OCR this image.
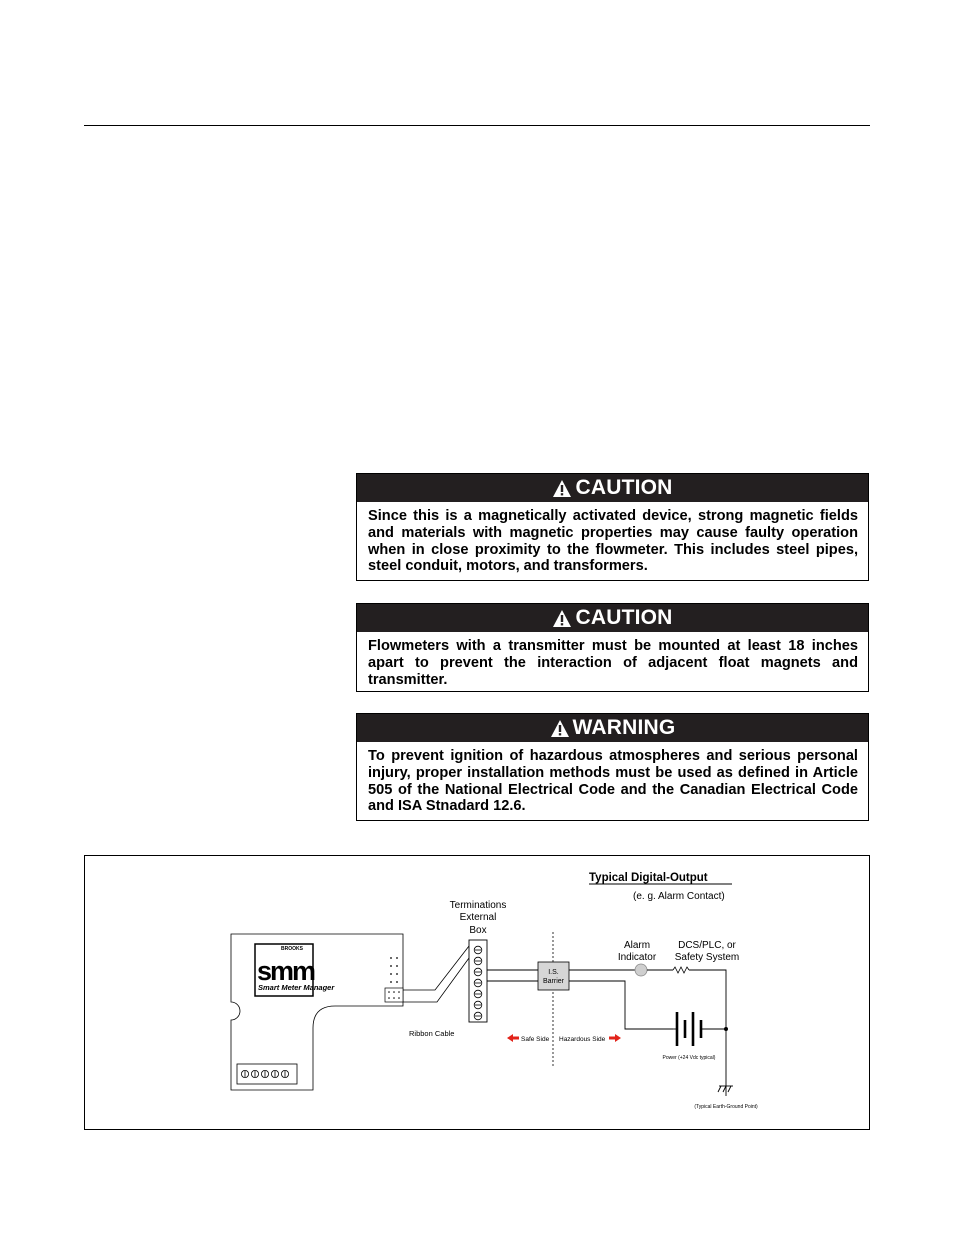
CAUTION
Since this is a magnetically activated device, strong magnetic fields and materials with magnetic properties may cause faulty operation when in close proximity to the flowmeter. This includes steel pipes, steel conduit, motors, and transformers.
CAUTION
Flowmeters with a transmitter must be mounted at least 18 inches apart to prevent the interaction of adjacent float magnets and transmitter.
WARNING
To prevent ignition of hazardous atmospheres and serious personal injury, proper installation methods must be used as defined in Article 505 of the National Electrical Code and the Canadian Electrical Code and ISA Stnadard 12.6.
Typical Digital-Output
(e. g. Alarm Contact)
BROOKS
smm
Smart Meter Manager
Ribbon Cable
Terminations
External
Box
I.S.
Barrier
Alarm
Indicator
DCS/PLC, or
Safety System
Power (+24 Vdc typical)
(Typical Earth-Ground Point)
Safe Side Hazardous Side
